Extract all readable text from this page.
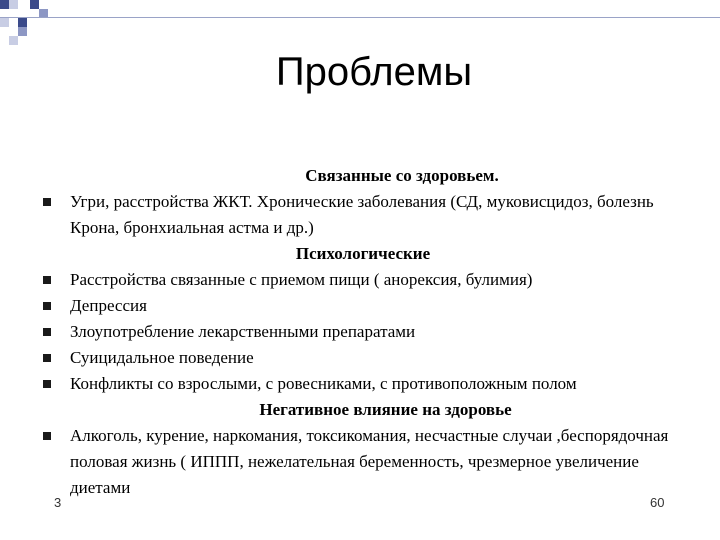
Проблемы

Связанные со здоровьем.

Угри, расстройства ЖКТ. Хронические заболевания (СД, муковисцидоз, болезнь Крона, бронхиальная астма и др.)

Психологические

Расстройства связанные с приемом пищи ( анорексия, булимия)
Депрессия
Злоупотребление лекарственными препаратами
Суицидальное поведение
Конфликты со взрослыми, с ровесниками, с противоположным полом

Негативное влияние на здоровье

Алкоголь, курение, наркомания, токсикомания, несчастные случаи ,беспорядочная половая жизнь ( ИППП, нежелательная беременность, чрезмерное увеличение диетами
3	60
